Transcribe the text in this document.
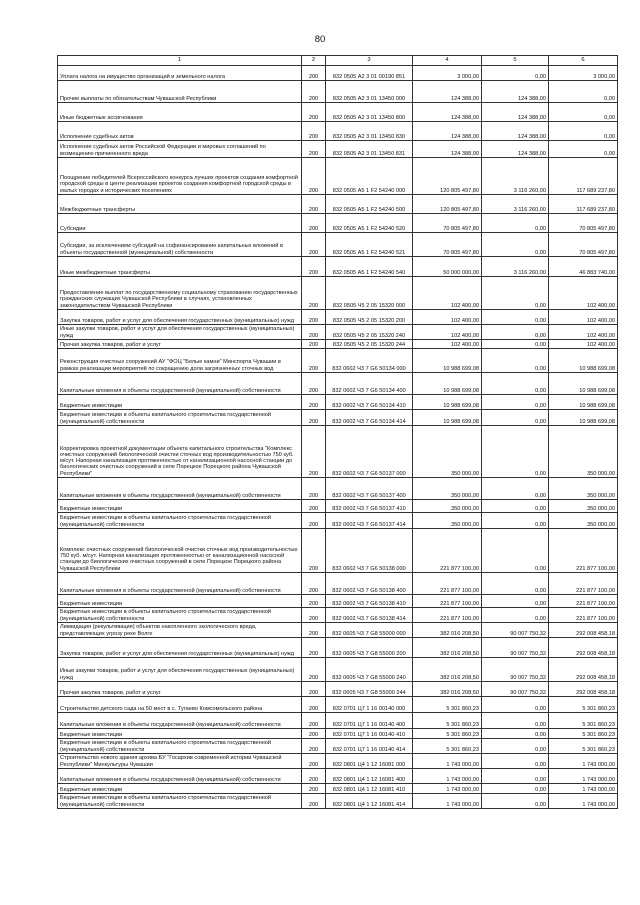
80
1	2	3	4	5	6
Уплата налога на имущество организаций и земельного налога	200	832 0505 А2 3 01 00190 851	3 000,00	0,00	3 000,00
Прочие выплаты по обязательствам Чувашской Республики	200	832 0505 А2 3 01 13450 000	124 388,00	124 388,00	0,00
Иные бюджетные ассигнования	200	832 0505 А2 3 01 13450 800	124 388,00	124 388,00	0,00
Исполнение судебных актов	200	832 0505 А2 3 01 13450 830	124 388,00	124 388,00	0,00
Исполнение судебных актов Российской Федерации и мировых соглашений по возмещению причиненного вреда	200	832 0505 А2 3 01 13450 831	124 388,00	124 388,00	0,00
Поощрение победителей Всероссийского конкурса лучших проектов создания комфортной городской среды в центе реализации проектов создания комфортной городской среды в малых городах и исторических поселениях	200	832 0505 А5 1 F2 54240 000	120 805 497,80	3 116 260,00	117 689 237,80
Межбюджетные трансферты	200	832 0505 А5 1 F2 54240 500	120 805 497,80	3 116 260,00	117 689 237,80
Субсидии	200	832 0505 А5 1 F2 54240 520	70 805 497,80	0,00	70 805 497,80
Субсидии, за исключением субсидий на софинансирование капитальных вложений в объекты государственной (муниципальной) собственности	200	832 0505 А5 1 F2 54240 521	70 805 497,80	0,00	70 805 497,80
Иные межбюджетные трансферты	200	832 0505 А5 1 F2 54240 540	50 000 000,00	3 116 260,00	46 883 740,00
Предоставление выплат по государственному социальному страхованию государственных гражданских служащих Чувашской Республики в случаях, установленных законодательством Чувашской Республики	200	832 0505 Ч5 2 05 15320 000	102 400,00	0,00	102 400,00
Закупка товаров, работ и услуг для обеспечения государственных (муниципальных) нужд	200	832 0505 Ч5 2 05 15320 200	102 400,00	0,00	102 400,00
Иные закупки товаров, работ и услуг для обеспечения государственных (муниципальных) нужд	200	832 0505 Ч5 2 05 15320 240	102 400,00	0,00	102 400,00
Прочая закупка товаров, работ и услуг	200	832 0505 Ч5 2 05 15320 244	102 400,00	0,00	102 400,00
Реконструкция очистных сооружений АУ "ФОЦ "Белые камни" Минспорта Чувашии в рамках реализации мероприятий по сокращению доли загрязненных сточных вод	200	832 0602 Ч3 7 G6 50134 000	10 988 699,08	0,00	10 988 699,08
Капитальные вложения в объекты государственной (муниципальной) собственности	200	832 0602 Ч3 7 G6 50134 400	10 988 699,08	0,00	10 988 699,08
Бюджетные инвестиции	200	832 0602 Ч3 7 G6 50134 410	10 988 699,08	0,00	10 988 699,08
Бюджетные инвестиции в объекты капитального строительства государственной (муниципальной) собственности	200	832 0602 Ч3 7 G6 50134 414	10 988 699,08	0,00	10 988 699,08
Корректировка проектной документации объекта капитального строительства "Комплекс очистных сооружений биологической очистки сточных вод производительностью 750 куб. м/сут. Напорная канализация протяженностью от канализационной насосной станции до биологических очистных сооружений в селе Порецкое Порецкого района Чувашской Республики"	200	832 0602 Ч3 7 G6 50137 000	350 000,00	0,00	350 000,00
Капитальные вложения в объекты государственной (муниципальной) собственности	200	832 0602 Ч3 7 G6 50137 400	350 000,00	0,00	350 000,00
Бюджетные инвестиции	200	832 0602 Ч3 7 G6 50137 410	350 000,00	0,00	350 000,00
Бюджетные инвестиции в объекты капитального строительства государственной (муниципальной) собственности	200	832 0602 Ч3 7 G6 50137 414	350 000,00	0,00	350 000,00
Комплекс очистных сооружений биологической очистки сточных вод производительностью 750 куб. м/сут. Напорная канализация протяженностью от канализационной насосной станции до биологических очистных сооружений в селе Порецкое Порецкого района Чувашской Республики	200	832 0602 Ч3 7 G6 50138 000	221 877 100,00	0,00	221 877 100,00
Капитальные вложения в объекты государственной (муниципальной) собственности	200	832 0602 Ч3 7 G6 50138 400	221 877 100,00	0,00	221 877 100,00
Бюджетные инвестиции	200	832 0602 Ч3 7 G6 50138 410	221 877 100,00	0,00	221 877 100,00
Бюджетные инвестиции в объекты капитального строительства государственной (муниципальной) собственности	200	832 0602 Ч3 7 G6 50138 414	221 877 100,00	0,00	221 877 100,00
Ликвидация (рекультивация) объектов накопленного экологического вреда, представляющих угрозу реке Волге	200	832 0605 Ч3 7 G8 55000 000	382 016 208,50	90 007 750,32	292 008 458,18
Закупка товаров, работ и услуг для обеспечения государственных (муниципальных) нужд	200	832 0605 Ч3 7 G8 55000 200	382 016 208,50	90 007 750,32	292 008 458,18
Иные закупки товаров, работ и услуг для обеспечения государственных (муниципальных) нужд	200	832 0605 Ч3 7 G8 55000 240	382 016 208,50	90 007 750,32	292 008 458,18
Прочая закупка товаров, работ и услуг	200	832 0605 Ч3 7 G8 55000 244	382 016 208,50	90 007 750,32	292 008 458,18
Строительство детского сада на 50 мест в с. Тугаево Комсомольского района	200	832 0701 Ц7 1 16 00140 000	5 301 860,23	0,00	5 301 860,23
Капитальные вложения в объекты государственной (муниципальной) собственности	200	832 0701 Ц7 1 16 00140 400	5 301 860,23	0,00	5 301 860,23
Бюджетные инвестиции	200	832 0701 Ц7 1 16 00140 410	5 301 860,23	0,00	5 301 860,23
Бюджетные инвестиции в объекты капитального строительства государственной (муниципальной) собственности	200	832 0701 Ц7 1 16 00140 414	5 301 860,23	0,00	5 301 860,23
Строительство нового здания архива БУ "Госархив современной истории Чувашской Республики" Минкультуры Чувашии	200	832 0801 Ц4 1 12 16081 000	1 743 000,00	0,00	1 743 000,00
Капитальные вложения в объекты государственной (муниципальной) собственности	200	832 0801 Ц4 1 12 16081 400	1 743 000,00	0,00	1 743 000,00
Бюджетные инвестиции	200	832 0801 Ц4 1 12 16081 410	1 743 000,00	0,00	1 743 000,00
Бюджетные инвестиции в объекты капитального строительства государственной (муниципальной) собственности	200	832 0801 Ц4 1 12 16081 414	1 743 000,00	0,00	1 743 000,00
